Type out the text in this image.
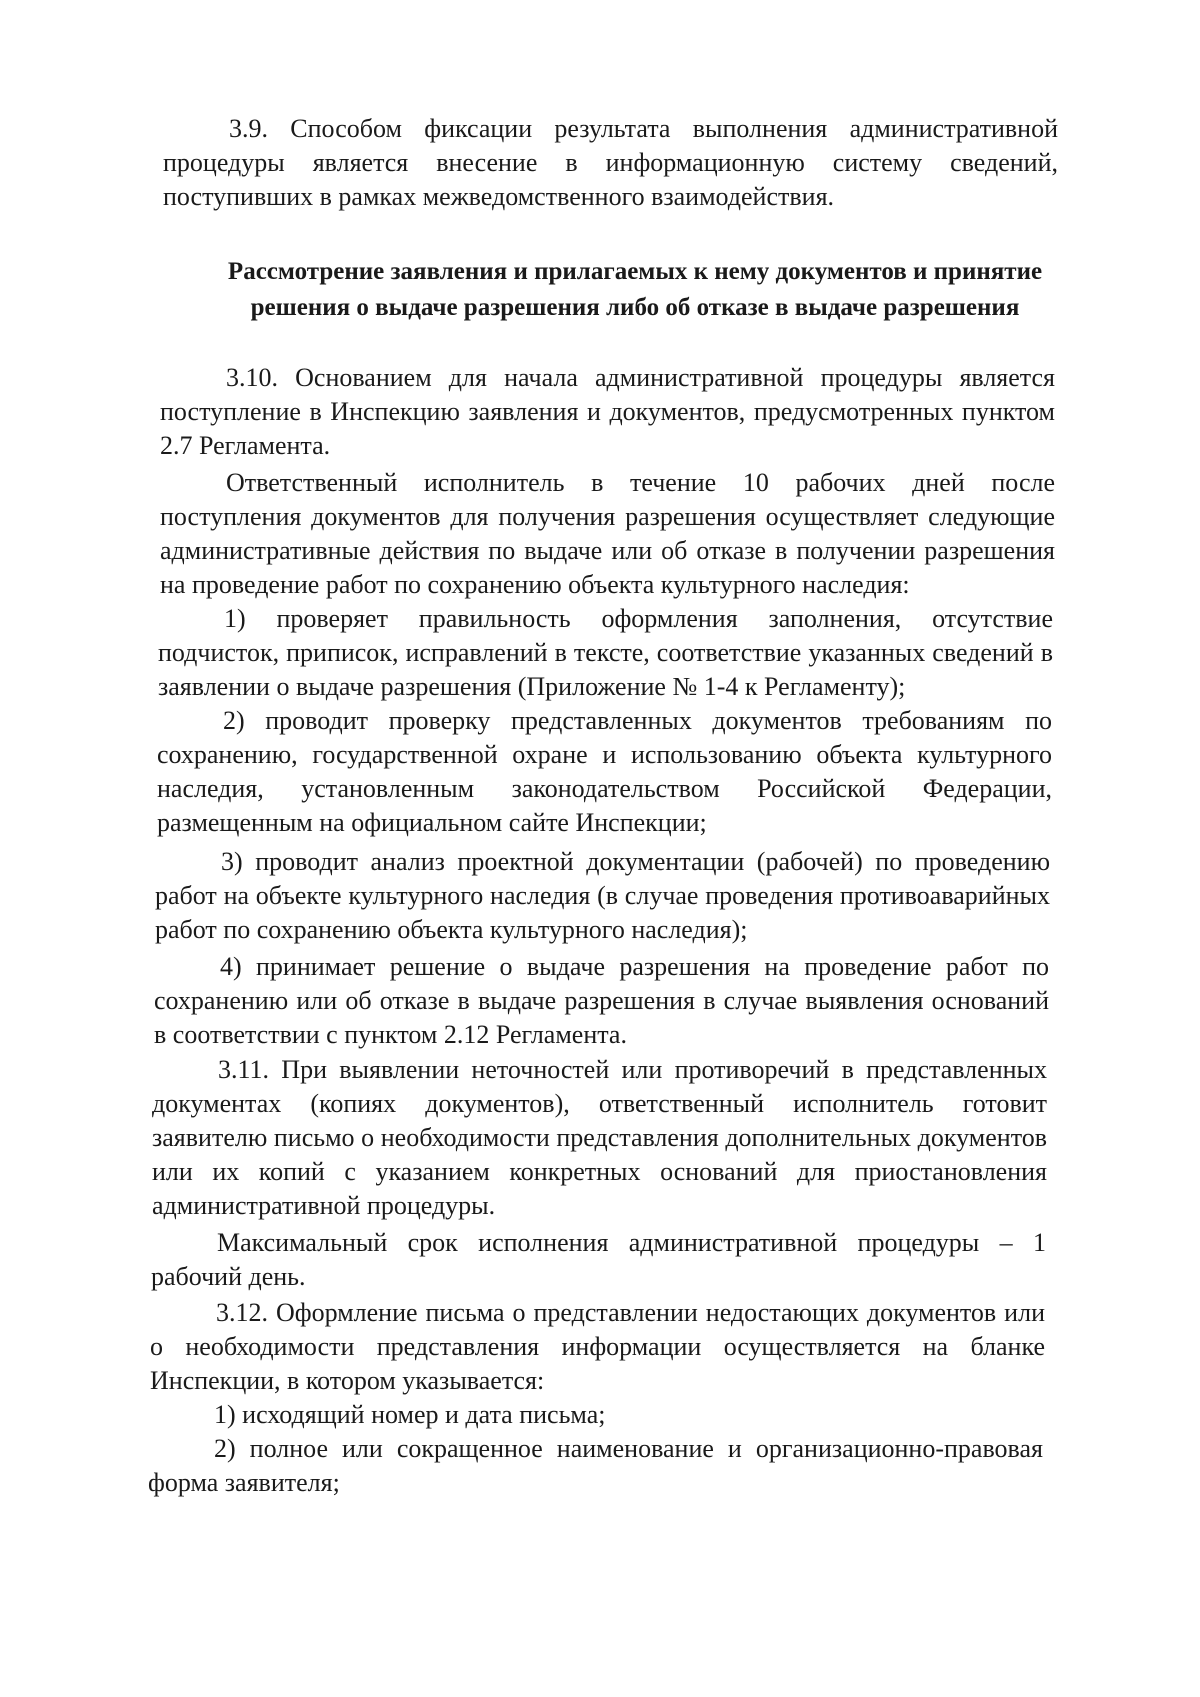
3.9. Способом фиксации результата выполнения административной процедуры является внесение в информационную систему сведений, поступивших в рамках межведомственного взаимодействия.

Рассмотрение заявления и прилагаемых к нему документов и принятие
решения о выдаче разрешения либо об отказе в выдаче разрешения

3.10. Основанием для начала административной процедуры является поступление в Инспекцию заявления и документов, предусмотренных пунктом 2.7 Регламента.

Ответственный исполнитель в течение 10 рабочих дней после поступления документов для получения разрешения осуществляет следующие административные действия по выдаче или об отказе в получении разрешения на проведение работ по сохранению объекта культурного наследия:

1) проверяет правильность оформления заполнения, отсутствие подчисток, приписок, исправлений в тексте, соответствие указанных сведений в заявлении о выдаче разрешения (Приложение № 1-4 к Регламенту);

2) проводит проверку представленных документов требованиям по сохранению, государственной охране и использованию объекта культурного наследия, установленным законодательством Российской Федерации, размещенным на официальном сайте Инспекции;

3) проводит анализ проектной документации (рабочей) по проведению работ на объекте культурного наследия (в случае проведения противоаварийных работ по сохранению объекта культурного наследия);

4) принимает решение о выдаче разрешения на проведение работ по сохранению или об отказе в выдаче разрешения в случае выявления оснований в соответствии с пунктом 2.12 Регламента.

3.11. При выявлении неточностей или противоречий в представленных документах (копиях документов), ответственный исполнитель готовит заявителю письмо о необходимости представления дополнительных документов или их копий с указанием конкретных оснований для приостановления административной процедуры.

Максимальный срок исполнения административной процедуры – 1 рабочий день.

3.12. Оформление письма о представлении недостающих документов или о необходимости представления информации осуществляется на бланке Инспекции, в котором указывается:

1) исходящий номер и дата письма;

2) полное или сокращенное наименование и организационно-правовая форма заявителя;
